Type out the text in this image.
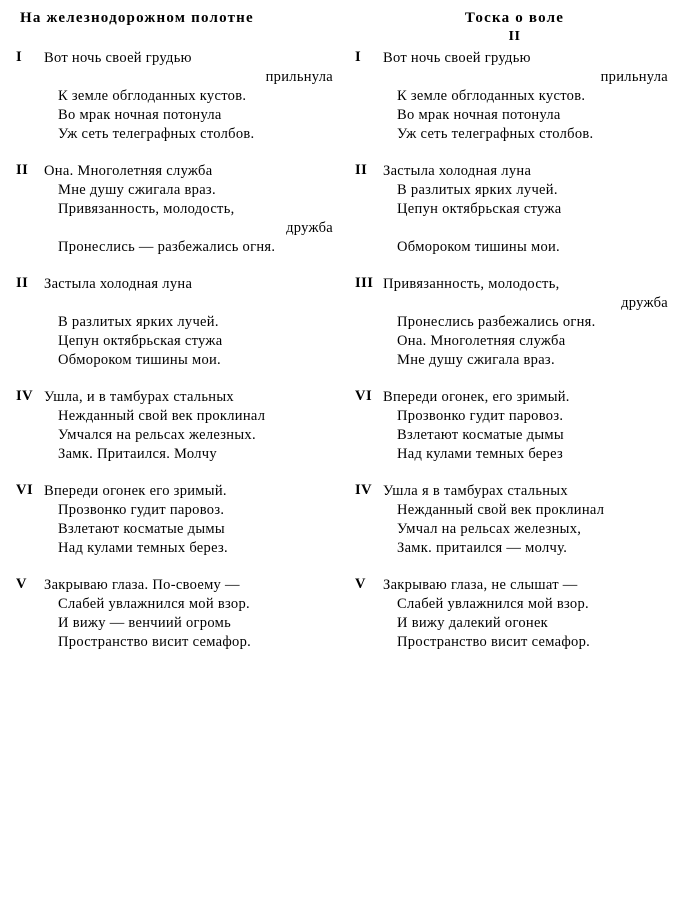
На железнодорожном полотне
I	Вот ночь своей грудью
прильнула
К земле обглоданных кустов.
Во мрак ночная потонула
Уж сеть телеграфных столбов.
II	Она. Многолетняя служба
Мне душу сжигала враз.
Привязанность, молодость,
дружба
Пронеслись — разбежались огня.
II	Застыла холодная луна

В разлитых ярких лучей.
Цепун октябрьская стужа
Обмороком тишины мои.
IV Ушла, и в тамбурах стальных
Нежданный свой век проклинал
Умчался на рельсах железных.
Замк. Притаился. Молчу
VI Впереди огонек его зримый.
Прозвонко гудит паровоз.
Взлетают косматые дымы
Над кулами темных берез.
V	Закрываю глаза. По-своему —
Слабей увлажнился мой взор.
И вижу — венчиий огромь
Пространство висит семафор.
Тоска о воле
II
I	Вот ночь своей грудью
прильнула
К земле обглоданных кустов.
Во мрак ночная потонула
Уж сеть телеграфных столбов.
II	Застыла холодная луна
В разлитых ярких лучей.
Цепун октябрьская стужа

Обмороком тишины мои.
III Привязанность, молодость,
дружба
Пронеслись разбежались огня.
Она. Многолетняя служба
Мне душу сжигала враз.
VI Впереди огонек, его зримый.
Прозвонко гудит паровоз.
Взлетают косматые дымы
Над кулами темных берез
IV Ушла я в тамбурах стальных
Нежданный свой век проклинал
Умчал на рельсах железных,
Замк. притаился — молчу.
V	Закрываю глаза, не слышат —
Слабей увлажнился мой взор.
И вижу далекий огонек
Пространство висит семафор.
